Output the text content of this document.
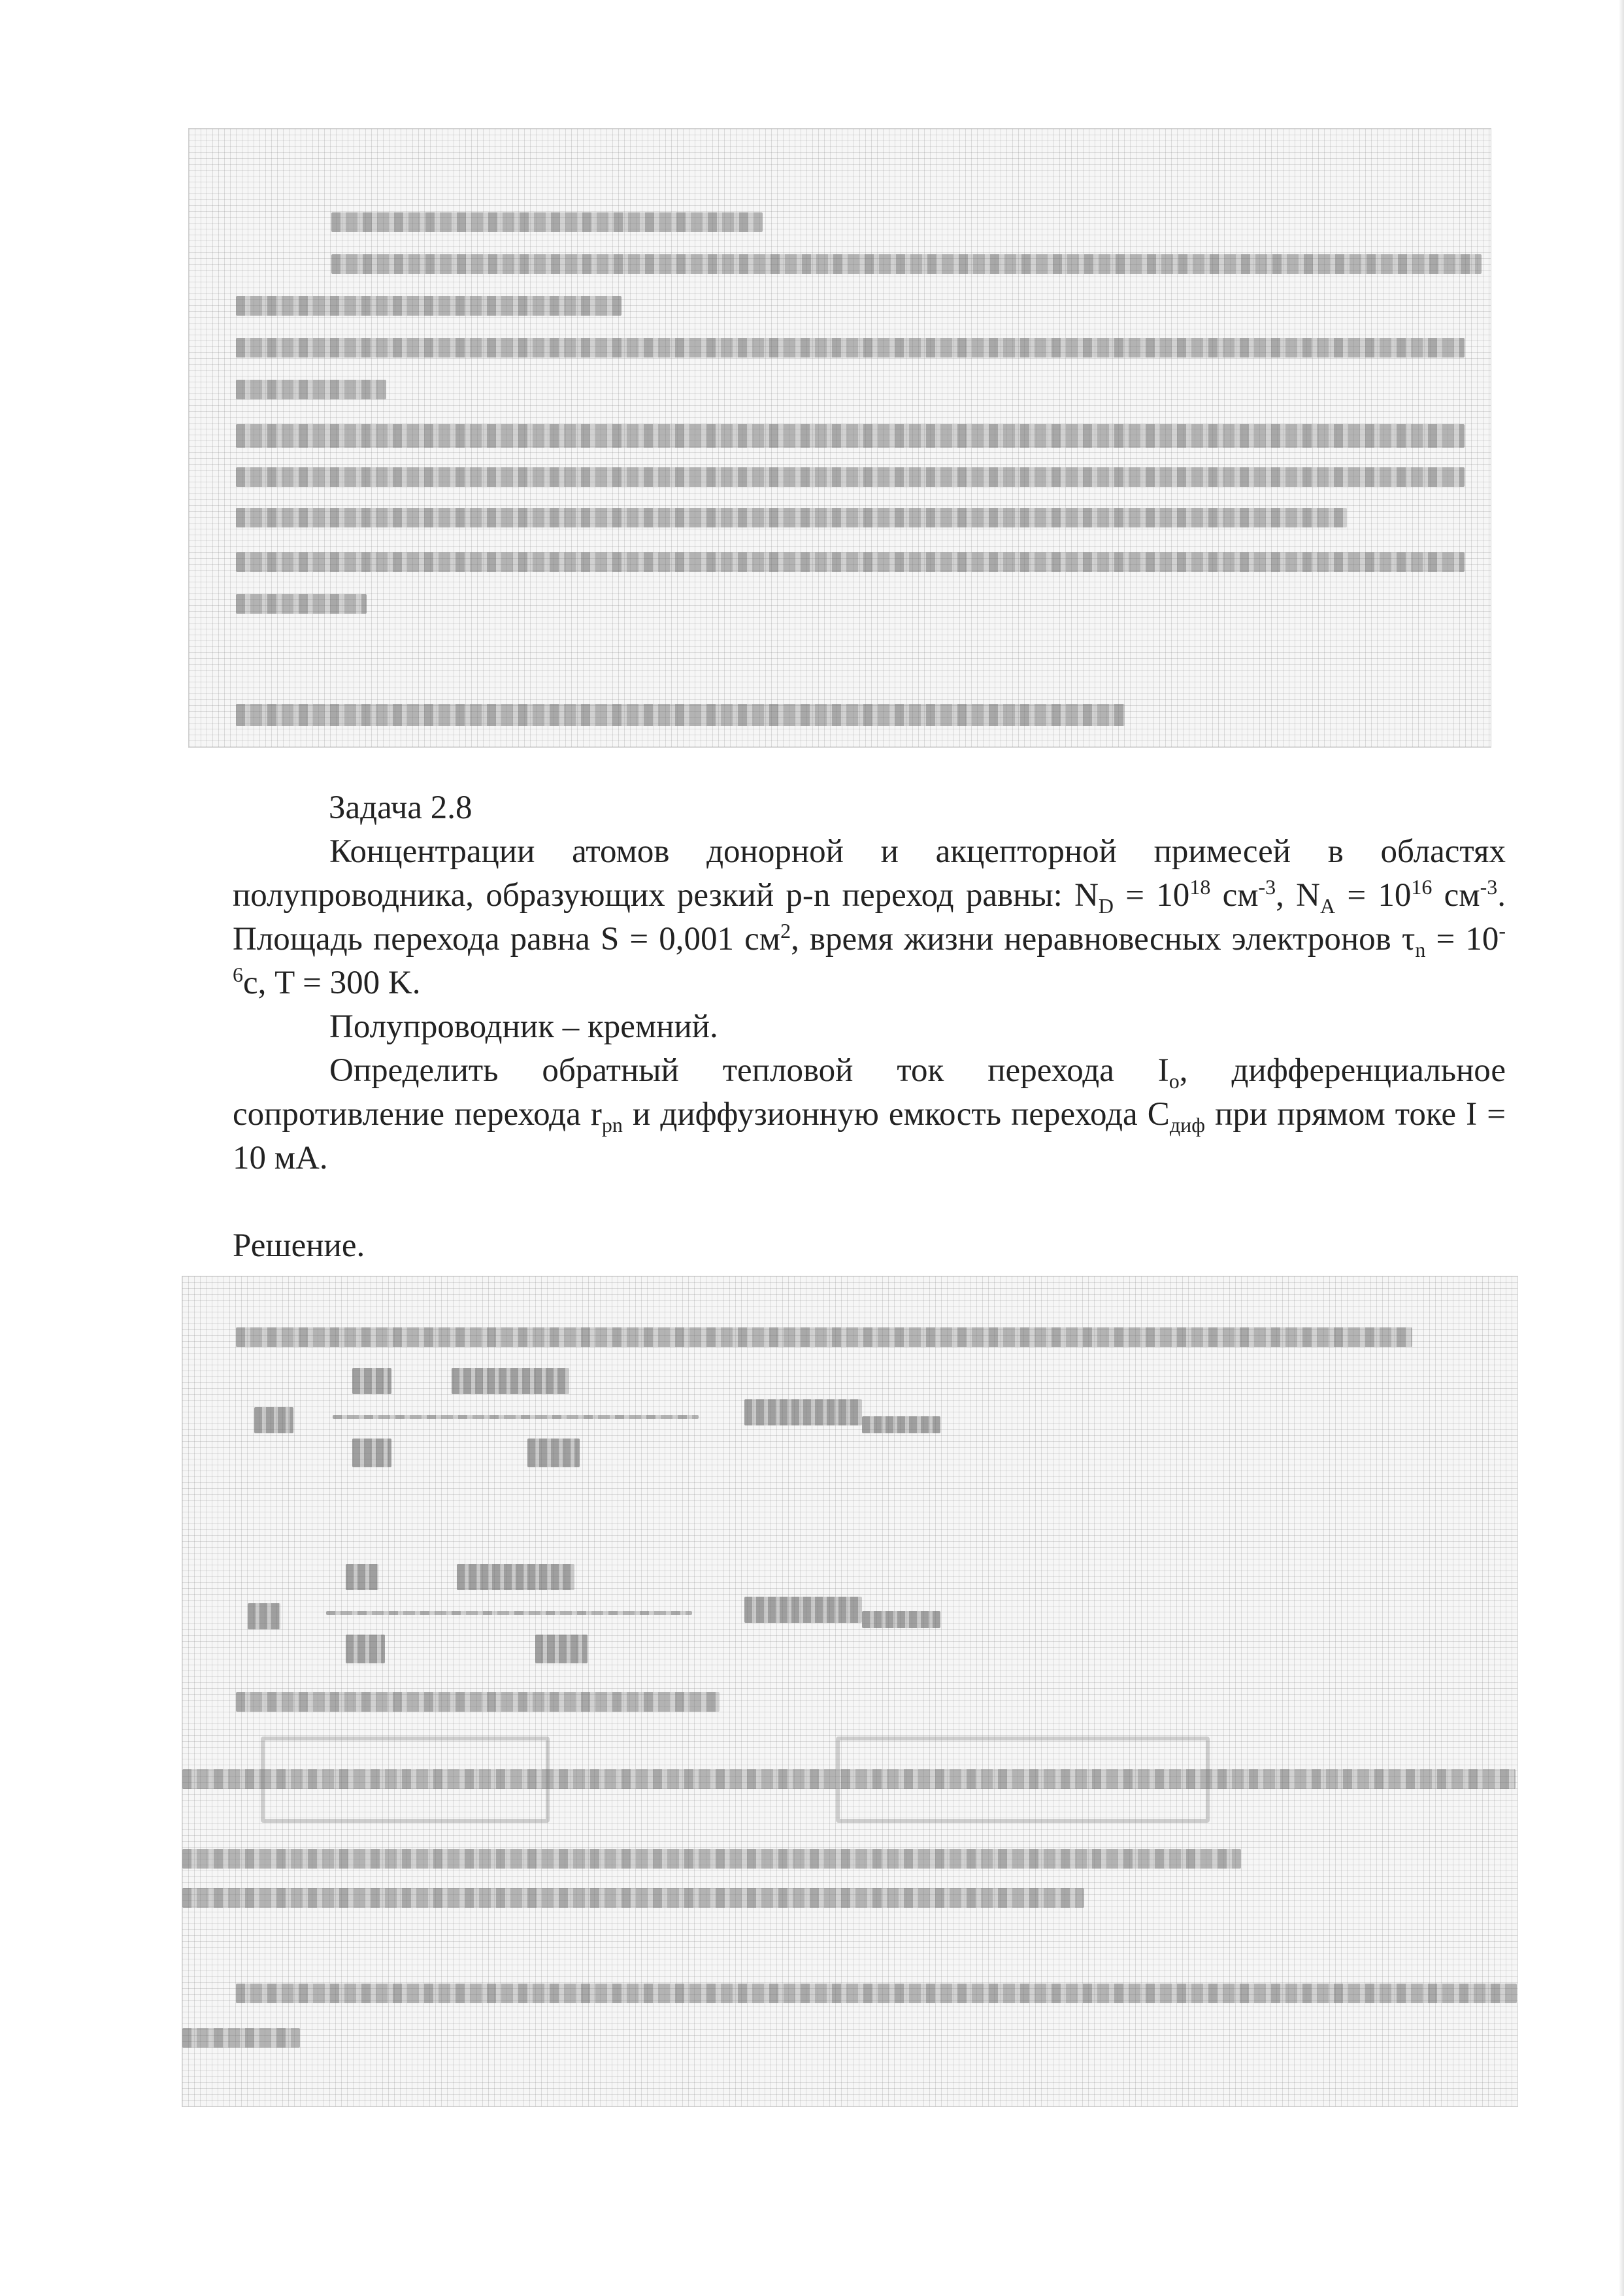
Задача 2.8
Концентрации атомов донорной и акцепторной примесей в областях полупроводника, образующих резкий p-n переход равны: $N_D = 10^{18}$ $см^{-3}$, $N_A = 10^{16}$ $см^{-3}$. Площадь перехода равна S = 0,001 $см^2$, время жизни неравновесных электронов $\tau_n = 10^{-6}с$, T = 300 K.
Полупроводник – кремний.
Определить обратный тепловой ток перехода $I_o$, дифференциальное сопротивление перехода $r_{pn}$ и диффузионную емкость перехода $C_{диф}$ при прямом токе I = 10 мА.
Решение.
